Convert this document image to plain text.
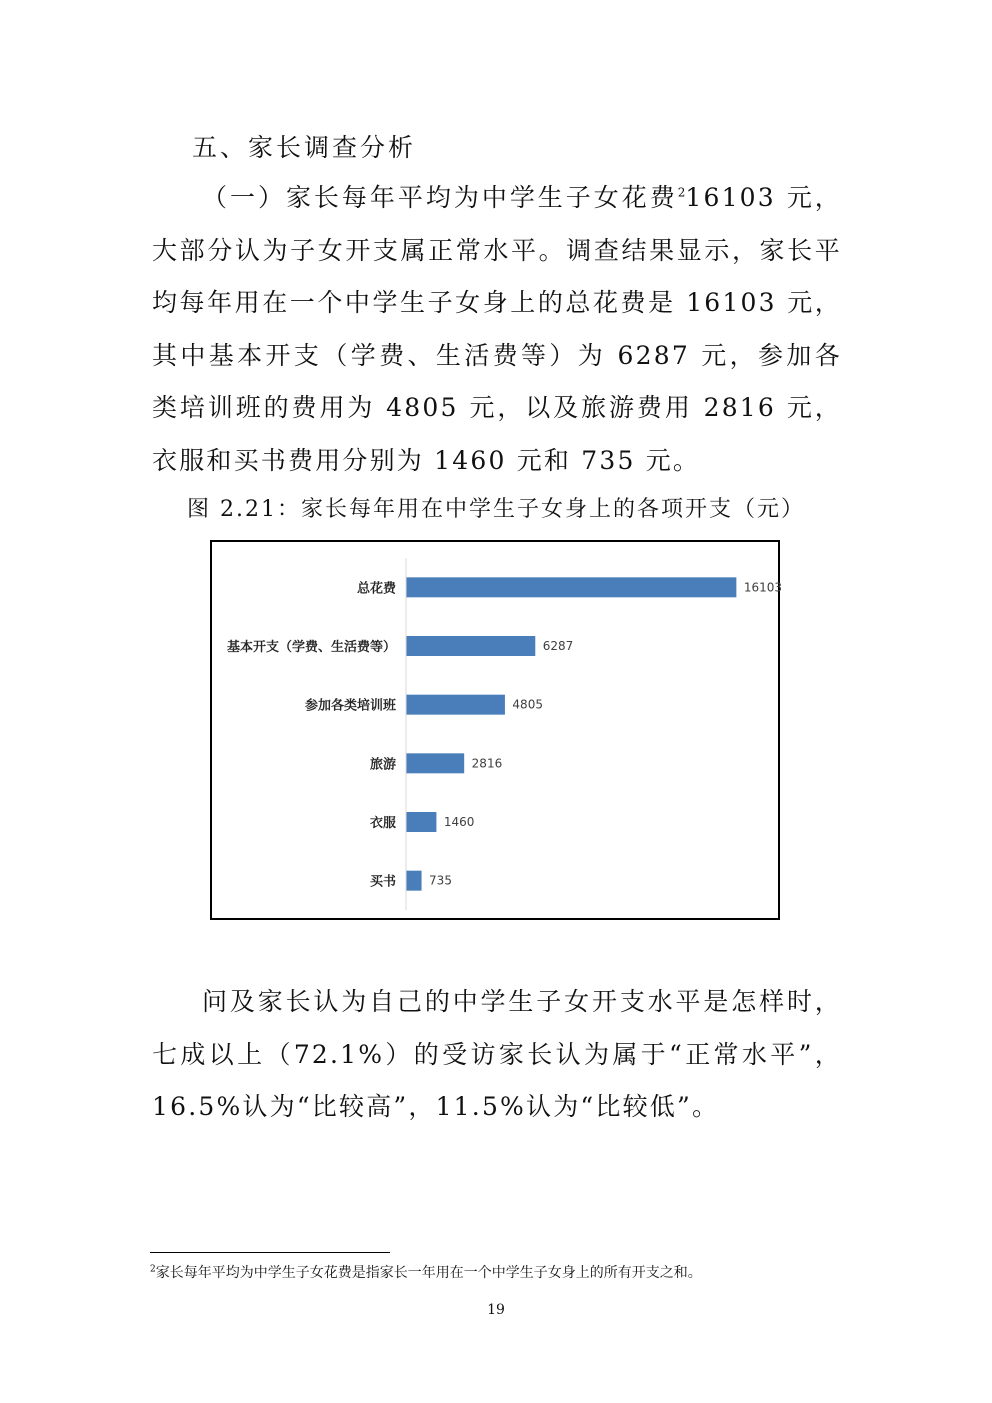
五、家长调查分析

（一）家长每年平均为中学生子女花费$^2$16103 元，大部分认为子女开支属正常水平。调查结果显示，家长平均每年用在一个中学生子女身上的总花费是 16103 元，其中基本开支（学费、生活费等）为 6287 元，参加各类培训班的费用为 4805 元，以及旅游费用 2816 元，衣服和买书费用分别为 1460 元和 735 元。

图 2.21：家长每年用在中学生子女身上的各项开支（元）
总花费	16103
基本开支（学费、生活费等）	6287
参加各类培训班	4805
旅游	2816
衣服	1460
买书	735

问及家长认为自己的中学生子女开支水平是怎样时，七成以上（72.1%）的受访家长认为属于“正常水平”，16.5%认为“比较高”，11.5%认为“比较低”。

$^2$家长每年平均为中学生子女花费是指家长一年用在一个中学生子女身上的所有开支之和。
19
